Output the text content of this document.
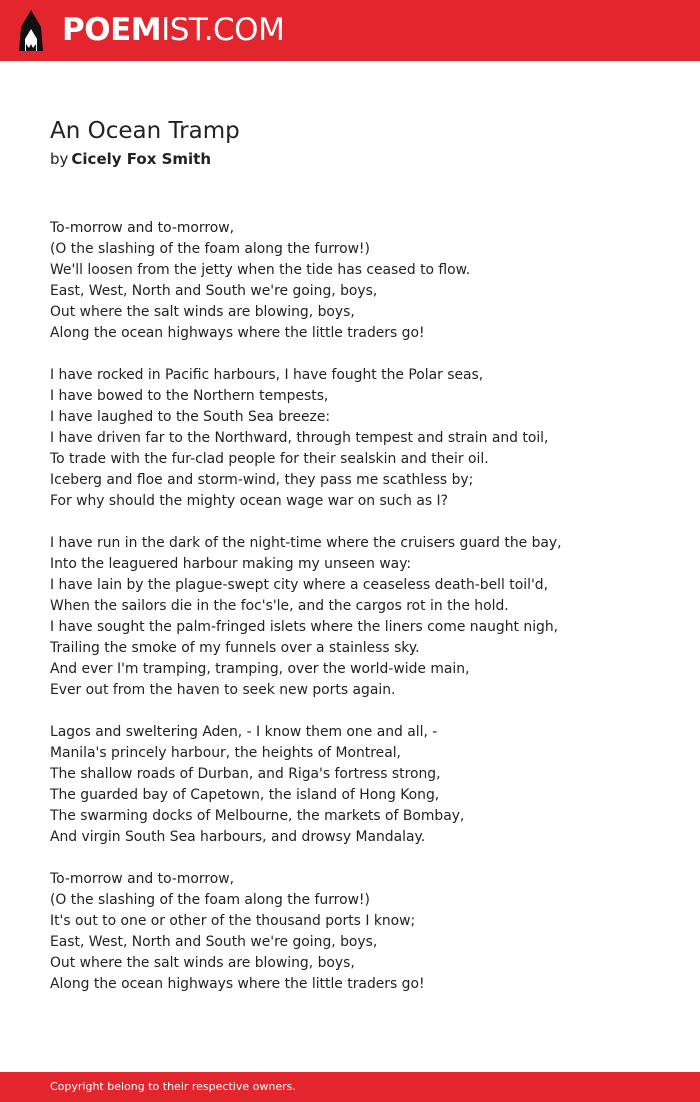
POEMIST.COM
An Ocean Tramp
by Cicely Fox Smith
To-morrow and to-morrow,
(O the slashing of the foam along the furrow!)
We'll loosen from the jetty when the tide has ceased to flow.
East, West, North and South we're going, boys,
Out where the salt winds are blowing, boys,
Along the ocean highways where the little traders go!
I have rocked in Pacific harbours, I have fought the Polar seas,
I have bowed to the Northern tempests,
I have laughed to the South Sea breeze:
I have driven far to the Northward, through tempest and strain and toil,
To trade with the fur-clad people for their sealskin and their oil.
Iceberg and floe and storm-wind, they pass me scathless by;
For why should the mighty ocean wage war on such as I?
I have run in the dark of the night-time where the cruisers guard the bay,
Into the leaguered harbour making my unseen way:
I have lain by the plague-swept city where a ceaseless death-bell toil'd,
When the sailors die in the foc's'le, and the cargos rot in the hold.
I have sought the palm-fringed islets where the liners come naught nigh,
Trailing the smoke of my funnels over a stainless sky.
And ever I'm tramping, tramping, over the world-wide main,
Ever out from the haven to seek new ports again.
Lagos and sweltering Aden, - I know them one and all, -
Manila's princely harbour, the heights of Montreal,
The shallow roads of Durban, and Riga's fortress strong,
The guarded bay of Capetown, the island of Hong Kong,
The swarming docks of Melbourne, the markets of Bombay,
And virgin South Sea harbours, and drowsy Mandalay.
To-morrow and to-morrow,
(O the slashing of the foam along the furrow!)
It's out to one or other of the thousand ports I know;
East, West, North and South we're going, boys,
Out where the salt winds are blowing, boys,
Along the ocean highways where the little traders go!
Copyright belong to their respective owners.
